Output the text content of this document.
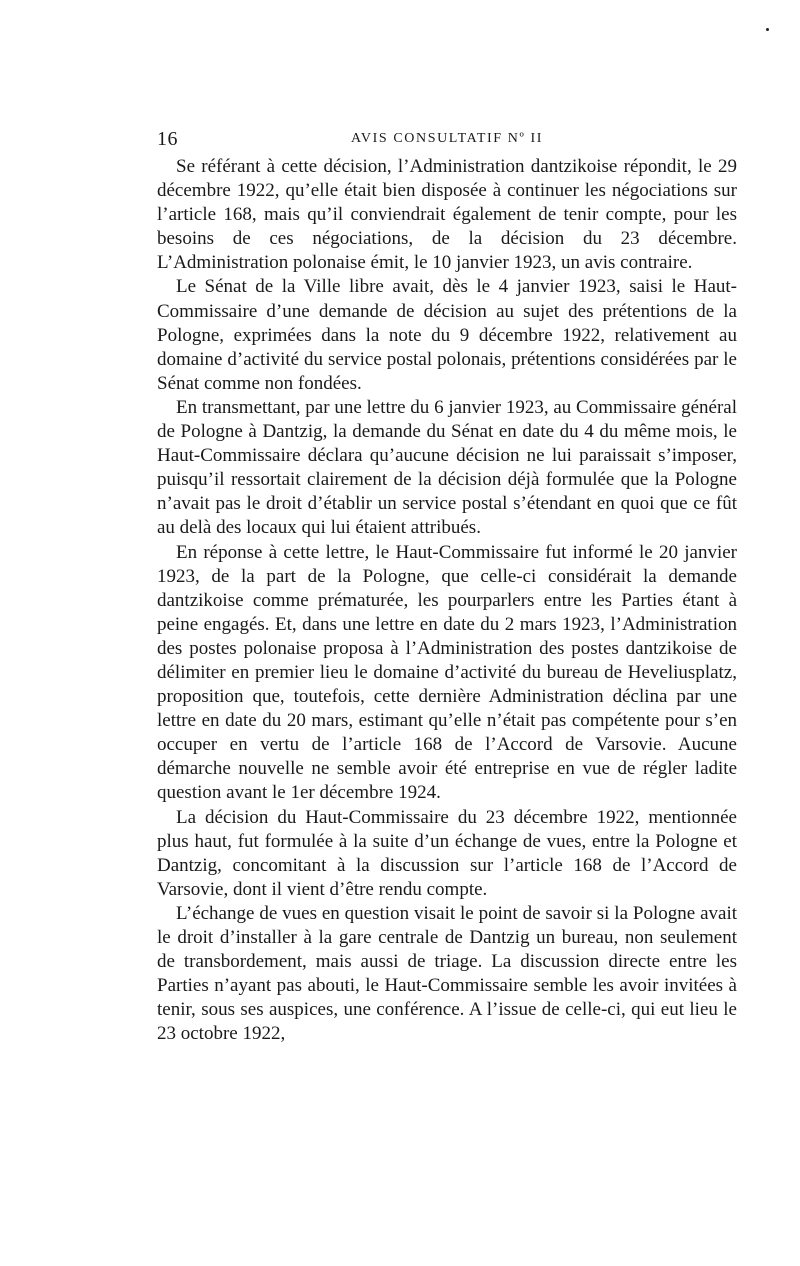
16	AVIS CONSULTATIF Nº II

Se référant à cette décision, l’Administration dantzikoise répondit, le 29 décembre 1922, qu’elle était bien disposée à continuer les négociations sur l’article 168, mais qu’il conviendrait également de tenir compte, pour les besoins de ces négociations, de la décision du 23 décembre. L’Administration polonaise émit, le 10 janvier 1923, un avis contraire.

Le Sénat de la Ville libre avait, dès le 4 janvier 1923, saisi le Haut-Commissaire d’une demande de décision au sujet des prétentions de la Pologne, exprimées dans la note du 9 décembre 1922, relativement au domaine d’activité du service postal polonais, prétentions considérées par le Sénat comme non fondées.

En transmettant, par une lettre du 6 janvier 1923, au Commissaire général de Pologne à Dantzig, la demande du Sénat en date du 4 du même mois, le Haut-Commissaire déclara qu’aucune décision ne lui paraissait s’imposer, puisqu’il ressortait clairement de la décision déjà formulée que la Pologne n’avait pas le droit d’établir un service postal s’étendant en quoi que ce fût au delà des locaux qui lui étaient attribués.

En réponse à cette lettre, le Haut-Commissaire fut informé le 20 janvier 1923, de la part de la Pologne, que celle-ci considérait la demande dantzikoise comme prématurée, les pourparlers entre les Parties étant à peine engagés. Et, dans une lettre en date du 2 mars 1923, l’Administration des postes polonaise proposa à l’Administration des postes dantzikoise de délimiter en premier lieu le domaine d’activité du bureau de Heveliusplatz, proposition que, toutefois, cette dernière Administration déclina par une lettre en date du 20 mars, estimant qu’elle n’était pas compétente pour s’en occuper en vertu de l’article 168 de l’Accord de Varsovie. Aucune démarche nouvelle ne semble avoir été entreprise en vue de régler ladite question avant le 1er décembre 1924.

La décision du Haut-Commissaire du 23 décembre 1922, mentionnée plus haut, fut formulée à la suite d’un échange de vues, entre la Pologne et Dantzig, concomitant à la discussion sur l’article 168 de l’Accord de Varsovie, dont il vient d’être rendu compte.

L’échange de vues en question visait le point de savoir si la Pologne avait le droit d’installer à la gare centrale de Dantzig un bureau, non seulement de transbordement, mais aussi de triage. La discussion directe entre les Parties n’ayant pas abouti, le Haut-Commissaire semble les avoir invitées à tenir, sous ses auspices, une conférence. A l’issue de celle-ci, qui eut lieu le 23 octobre 1922,
